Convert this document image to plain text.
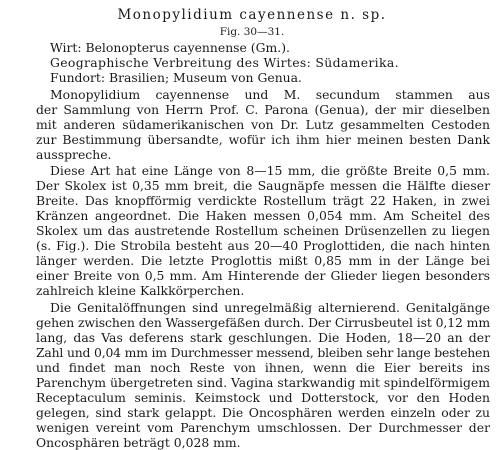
Monopylidium cayennense n. sp.
Fig. 30—31.
Wirt: Belonopterus cayennense (Gm.).
Geographische Verbreitung des Wirtes: Südamerika.
Fundort: Brasilien; Museum von Genua.
Monopylidium cayennense und M. secundum stammen aus
der Sammlung von Herrn Prof. C. Parona (Genua), der mir dieselben
mit anderen südamerikanischen von Dr. Lutz gesammelten Cestoden
zur Bestimmung übersandte, wofür ich ihm hier meinen besten Dank
ausspreche.
Diese Art hat eine Länge von 8—15 mm, die größte Breite 0,5 mm.
Der Skolex ist 0,35 mm breit, die Saugnäpfe messen die Hälfte dieser
Breite. Das knopfförmig verdickte Rostellum trägt 22 Haken, in zwei
Kränzen angeordnet. Die Haken messen 0,054 mm. Am Scheitel des
Skolex um das austretende Rostellum scheinen Drüsenzellen zu liegen
(s. Fig.). Die Strobila besteht aus 20—40 Proglottiden, die nach hinten
länger werden. Die letzte Proglottis mißt 0,85 mm in der Länge bei
einer Breite von 0,5 mm. Am Hinterende der Glieder liegen besonders
zahlreich kleine Kalkkörperchen.
Die Genitalöffnungen sind unregelmäßig alternierend. Genitalgänge
gehen zwischen den Wassergefäßen durch. Der Cirrusbeutel ist 0,12 mm
lang, das Vas deferens stark geschlungen. Die Hoden, 18—20 an der
Zahl und 0,04 mm im Durchmesser messend, bleiben sehr lange bestehen
und findet man noch Reste von ihnen, wenn die Eier bereits ins
Parenchym übergetreten sind. Vagina starkwandig mit spindelförmigem
Receptaculum seminis. Keimstock und Dotterstock, vor den Hoden
gelegen, sind stark gelappt. Die Oncosphären werden einzeln oder zu
wenigen vereint vom Parenchym umschlossen. Der Durchmesser der
Oncosphären beträgt 0,028 mm.
